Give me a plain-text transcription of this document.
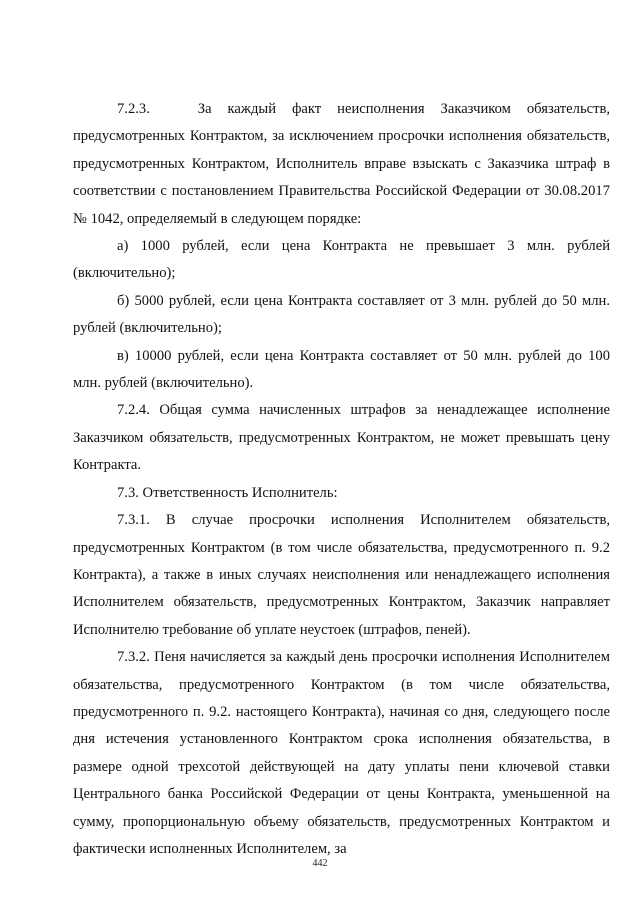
7.2.3.   За каждый факт неисполнения Заказчиком обязательств, предусмотренных Контрактом, за исключением просрочки исполнения обязательств, предусмотренных Контрактом, Исполнитель вправе взыскать с Заказчика штраф в соответствии с постановлением Правительства Российской Федерации от 30.08.2017 № 1042, определяемый в следующем порядке:

а) 1000 рублей, если цена Контракта не превышает 3 млн. рублей (включительно);

б) 5000 рублей, если цена Контракта составляет от 3 млн. рублей до 50 млн. рублей (включительно);

в) 10000 рублей, если цена Контракта составляет от 50 млн. рублей до 100 млн. рублей (включительно).

7.2.4. Общая сумма начисленных штрафов за ненадлежащее исполнение Заказчиком обязательств, предусмотренных Контрактом, не может превышать цену Контракта.

7.3. Ответственность Исполнитель:

7.3.1. В случае просрочки исполнения Исполнителем обязательств, предусмотренных Контрактом (в том числе обязательства, предусмотренного п. 9.2 Контракта), а также в иных случаях неисполнения или ненадлежащего исполнения Исполнителем обязательств, предусмотренных Контрактом, Заказчик направляет Исполнителю требование об уплате неустоек (штрафов, пеней).

7.3.2. Пеня начисляется за каждый день просрочки исполнения Исполнителем обязательства, предусмотренного Контрактом (в том числе обязательства, предусмотренного п. 9.2. настоящего Контракта), начиная со дня, следующего после дня истечения установленного Контрактом срока исполнения обязательства, в размере одной трехсотой действующей на дату уплаты пени ключевой ставки Центрального банка Российской Федерации от цены Контракта, уменьшенной на сумму, пропорциональную объему обязательств, предусмотренных Контрактом и фактически исполненных Исполнителем, за

442
